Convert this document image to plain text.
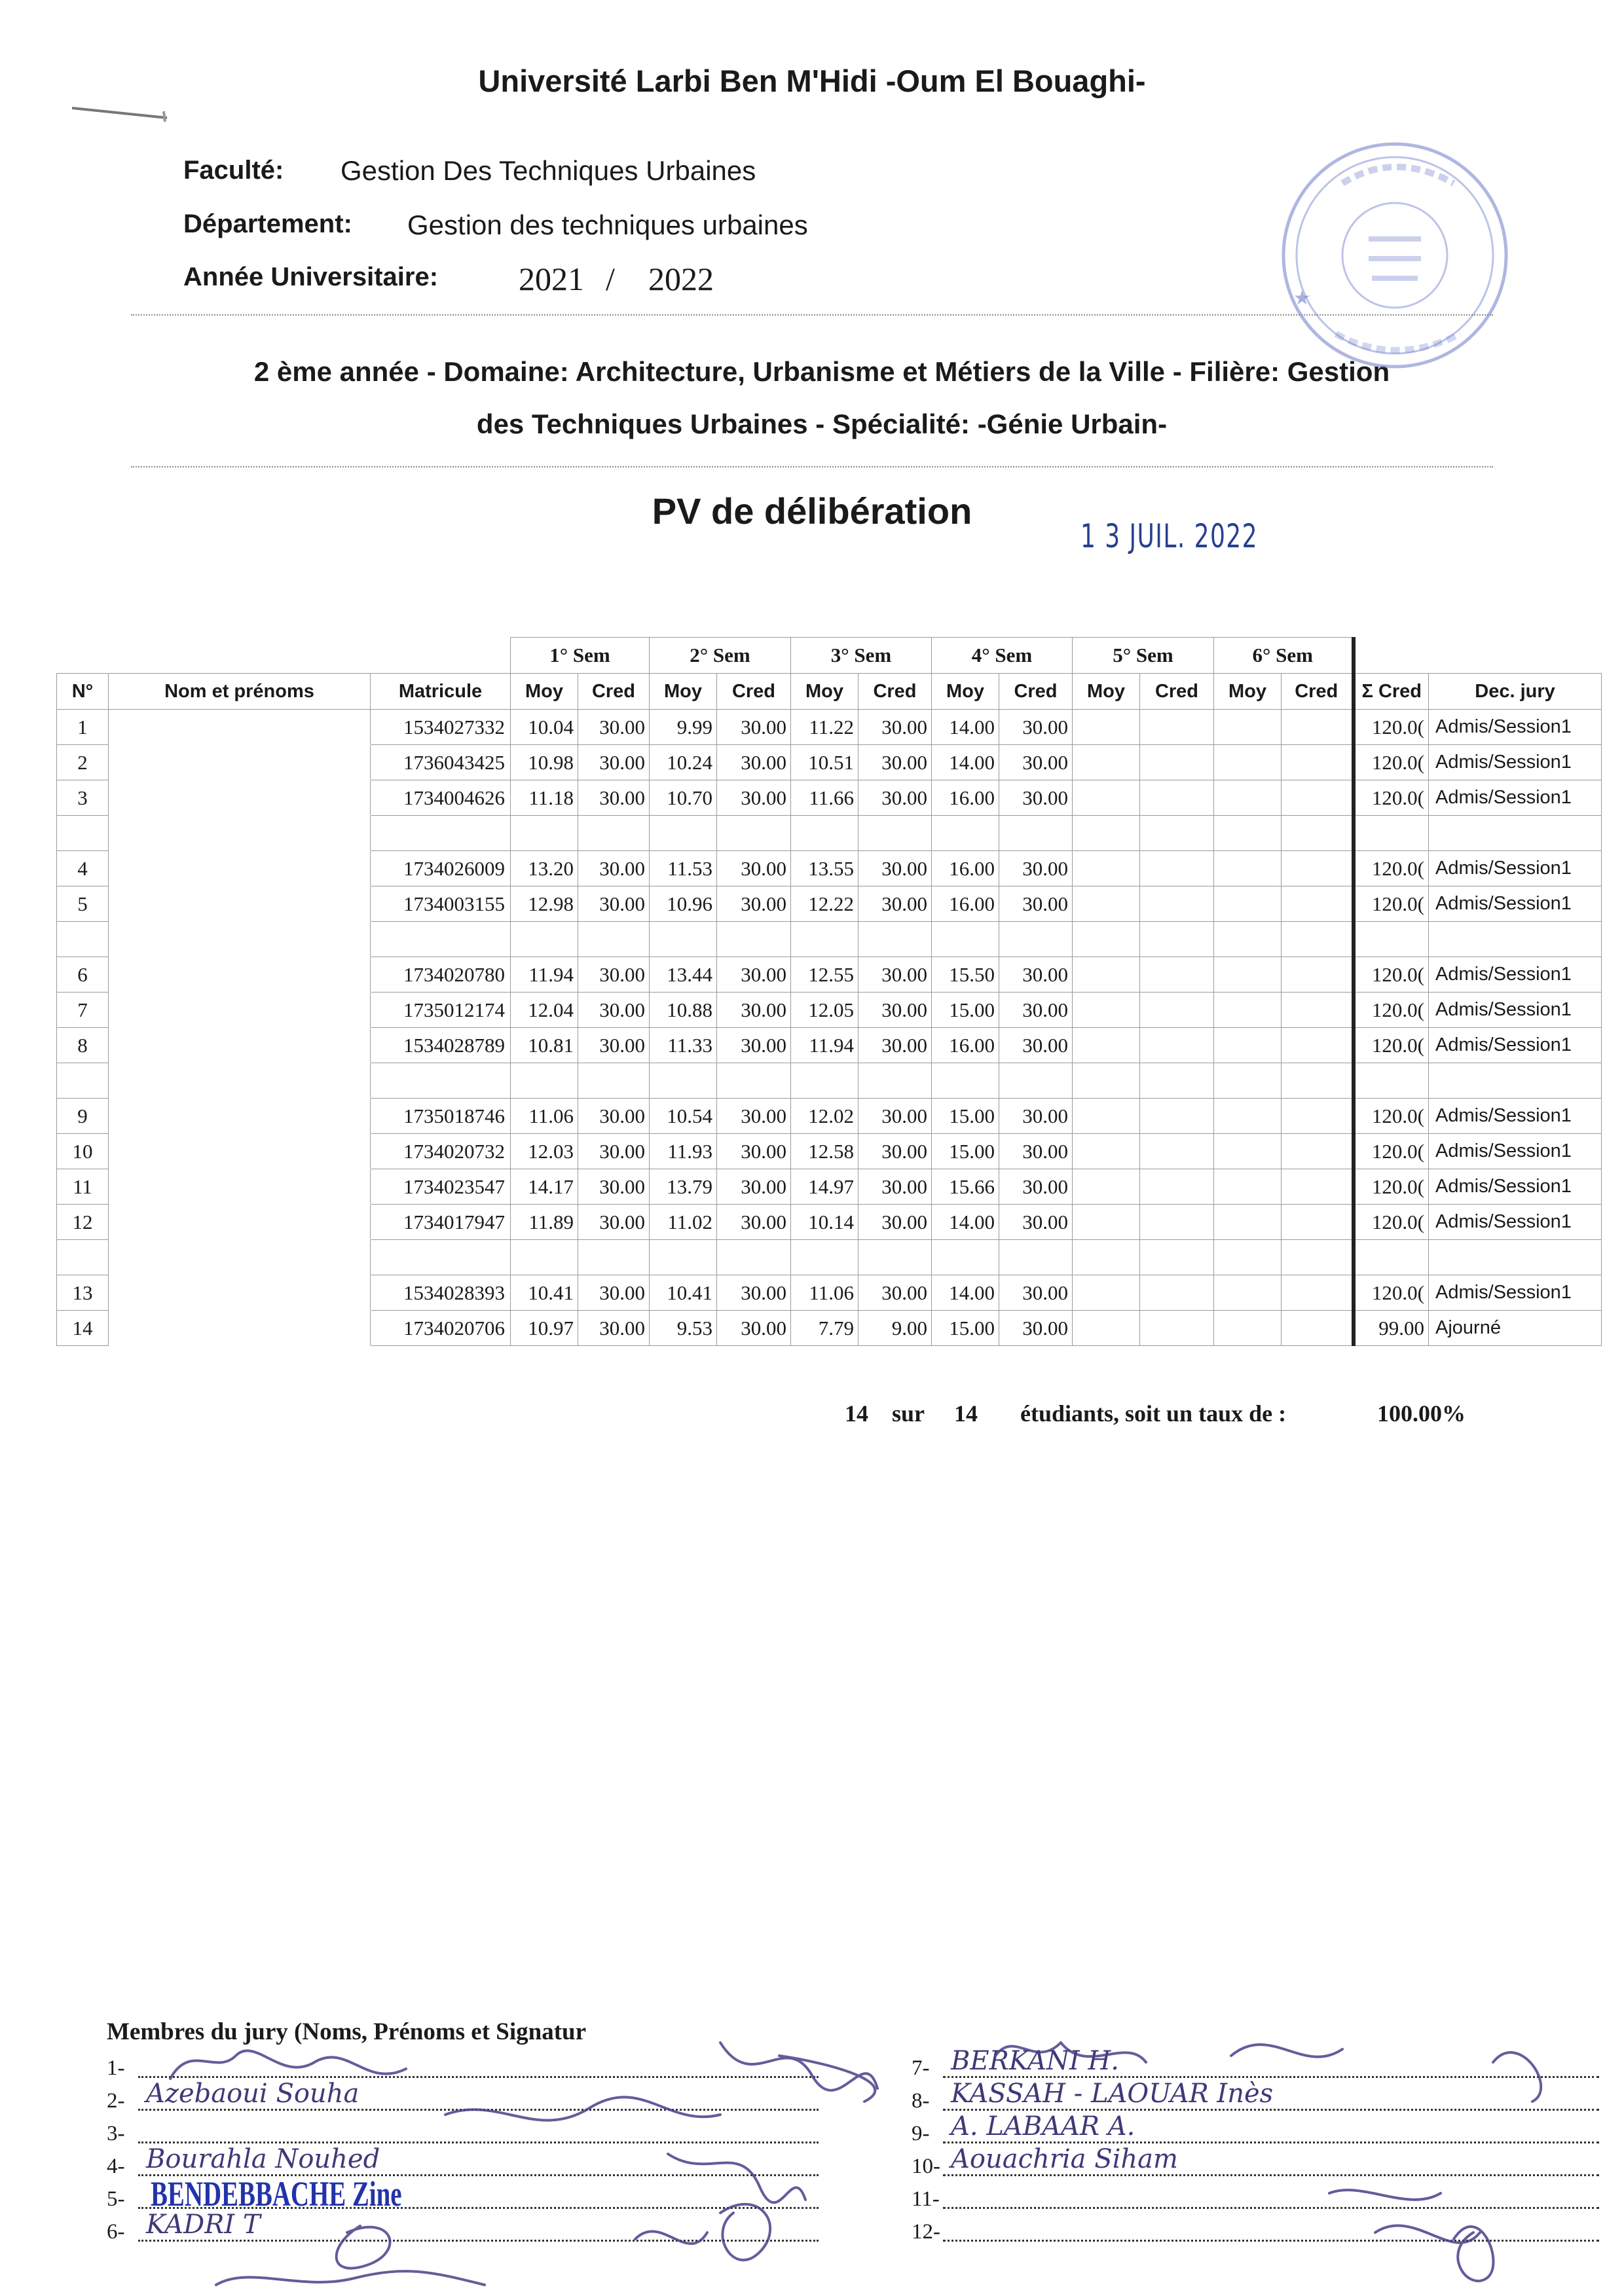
Université Larbi Ben M'Hidi -Oum El Bouaghi-
Faculté: Gestion Des Techniques Urbaines
Département: Gestion des techniques urbaines
Année Universitaire: 2021 / 2022
2 ème année - Domaine: Architecture, Urbanisme et Métiers de la Ville - Filière: Gestion
des Techniques Urbaines - Spécialité: -Génie Urbain-
PV de délibération
1 3 JUIL. 2022
★
			1° Sem		2° Sem		3° Sem		4° Sem		5° Sem		6° Sem			
N°	Nom et prénoms	Matricule	Moy	Cred	Moy	Cred	Moy	Cred	Moy	Cred	Moy	Cred	Moy	Cred	Σ Cred	Dec. jury
1		1534027332	10.04	30.00	9.99	30.00	11.22	30.00	14.00	30.00					120.0(	Admis/Session1
2		1736043425	10.98	30.00	10.24	30.00	10.51	30.00	14.00	30.00					120.0(	Admis/Session1
3		1734004626	11.18	30.00	10.70	30.00	11.66	30.00	16.00	30.00					120.0(	Admis/Session1

4		1734026009	13.20	30.00	11.53	30.00	13.55	30.00	16.00	30.00					120.0(	Admis/Session1
5		1734003155	12.98	30.00	10.96	30.00	12.22	30.00	16.00	30.00					120.0(	Admis/Session1

6		1734020780	11.94	30.00	13.44	30.00	12.55	30.00	15.50	30.00					120.0(	Admis/Session1
7		1735012174	12.04	30.00	10.88	30.00	12.05	30.00	15.00	30.00					120.0(	Admis/Session1
8		1534028789	10.81	30.00	11.33	30.00	11.94	30.00	16.00	30.00					120.0(	Admis/Session1

9		1735018746	11.06	30.00	10.54	30.00	12.02	30.00	15.00	30.00					120.0(	Admis/Session1
10		1734020732	12.03	30.00	11.93	30.00	12.58	30.00	15.00	30.00					120.0(	Admis/Session1
11		1734023547	14.17	30.00	13.79	30.00	14.97	30.00	15.66	30.00					120.0(	Admis/Session1
12		1734017947	11.89	30.00	11.02	30.00	10.14	30.00	14.00	30.00					120.0(	Admis/Session1

13		1534028393	10.41	30.00	10.41	30.00	11.06	30.00	14.00	30.00					120.0(	Admis/Session1
14		1734020706	10.97	30.00	9.53	30.00	7.79	9.00	15.00	30.00					99.00	Ajourné
14 sur 14 étudiants, soit un taux de :	100.00%
Membres du jury (Noms, Prénoms et Signatur
1-
2- Azebaoui Souha
3-
4- Bourahla Nouhed
5-
6- KADRI T
7- BERKANI H.
8- KASSAH - LAOUAR Inès
9- A. LABAAR A.
10- Aouachria Siham
11-
12-
BENDEBBACHE Zine
